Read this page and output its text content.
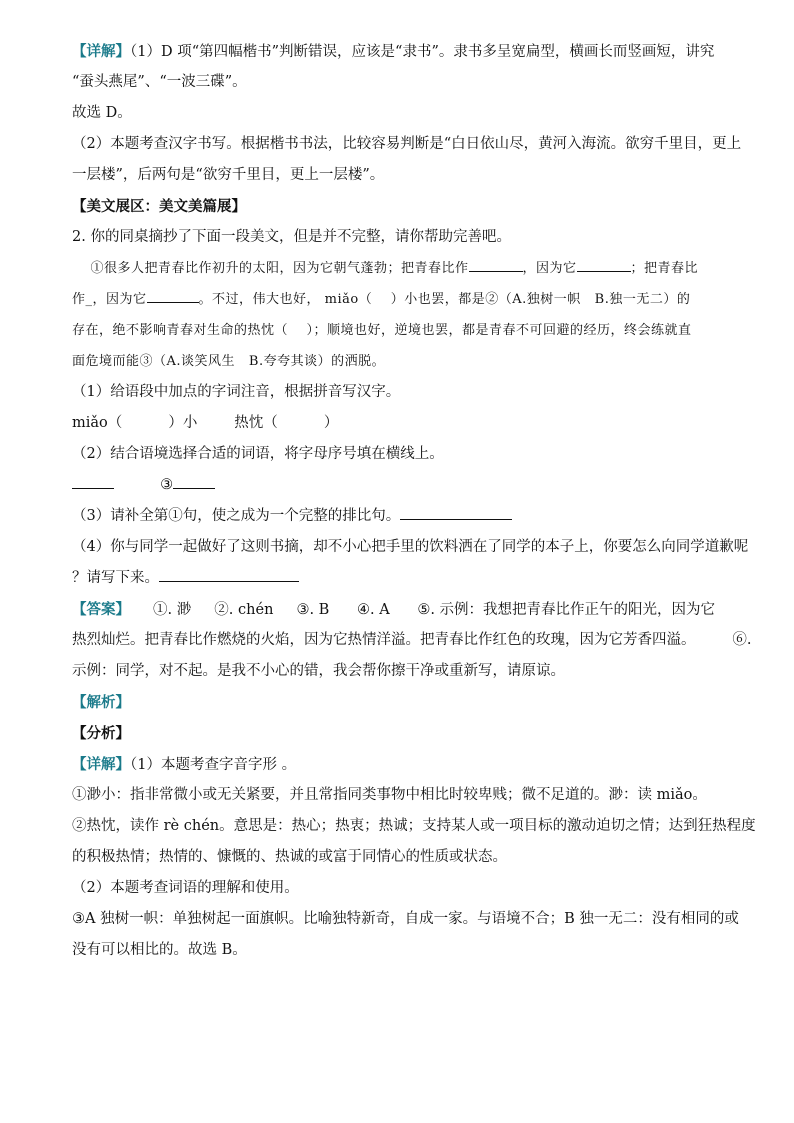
【详解】（1）D 项“第四幅楷书”判断错误，应该是“隶书”。隶书多呈宽扁型，横画长而竖画短，讲究
“蚕头燕尾”、“一波三碟”。
故选 D。
（2）本题考查汉字书写。根据楷书书法，比较容易判断是“白日依山尽，黄河入海流。欲穷千里目，更上
一层楼”，后两句是“欲穷千里目，更上一层楼”。
【美文展区：美文美篇展】
2. 你的同桌摘抄了下面一段美文，但是并不完整，请你帮助完善吧。
①很多人把青春比作初升的太阳，因为它朝气蓬勃；把青春比作	，因为它	；把青春比
作_，因为它	。不过，伟大也好， miǎo（    ）小也罢，都是②（A.独树一帜   B.独一无二）的
存在，绝不影响青春对生命的热忱（    ）；顺境也好，逆境也罢，都是青春不可回避的经历，终会练就直
面危境而能③（A.谈笑风生   B.夸夸其谈）的洒脱。
（1）给语段中加点的字词注音，根据拼音写汉字。
miǎo（          ）小        热忱（          ）
（2）结合语境选择合适的词语，将字母序号填在横线上。
③
（3）请补全第①句，使之成为一个完整的排比句。
（4）你与同学一起做好了这则书摘，却不小心把手里的饮料洒在了同学的本子上，你要怎么向同学道歉呢
？请写下来。
【答案】     ①. 渺     ②. chén     ③. B      ④. A      ⑤. 示例：我想把青春比作正午的阳光，因为它
热烈灿烂。把青春比作燃烧的火焰，因为它热情洋溢。把青春比作红色的玫瑰，因为它芳香四溢。        ⑥.
示例：同学，对不起。是我不小心的错，我会帮你擦干净或重新写，请原谅。
【解析】
【分析】
【详解】（1）本题考查字音字形 。
①渺小：指非常微小或无关紧要，并且常指同类事物中相比时较卑贱；微不足道的。渺：读 miǎo。
②热忱，读作 rè chén。意思是：热心；热衷；热诚；支持某人或一项目标的激动迫切之情；达到狂热程度
的积极热情；热情的、慷慨的、热诚的或富于同情心的性质或状态。
（2）本题考查词语的理解和使用。
③A 独树一帜：单独树起一面旗帜。比喻独特新奇，自成一家。与语境不合；B 独一无二：没有相同的或
没有可以相比的。故选 B。
